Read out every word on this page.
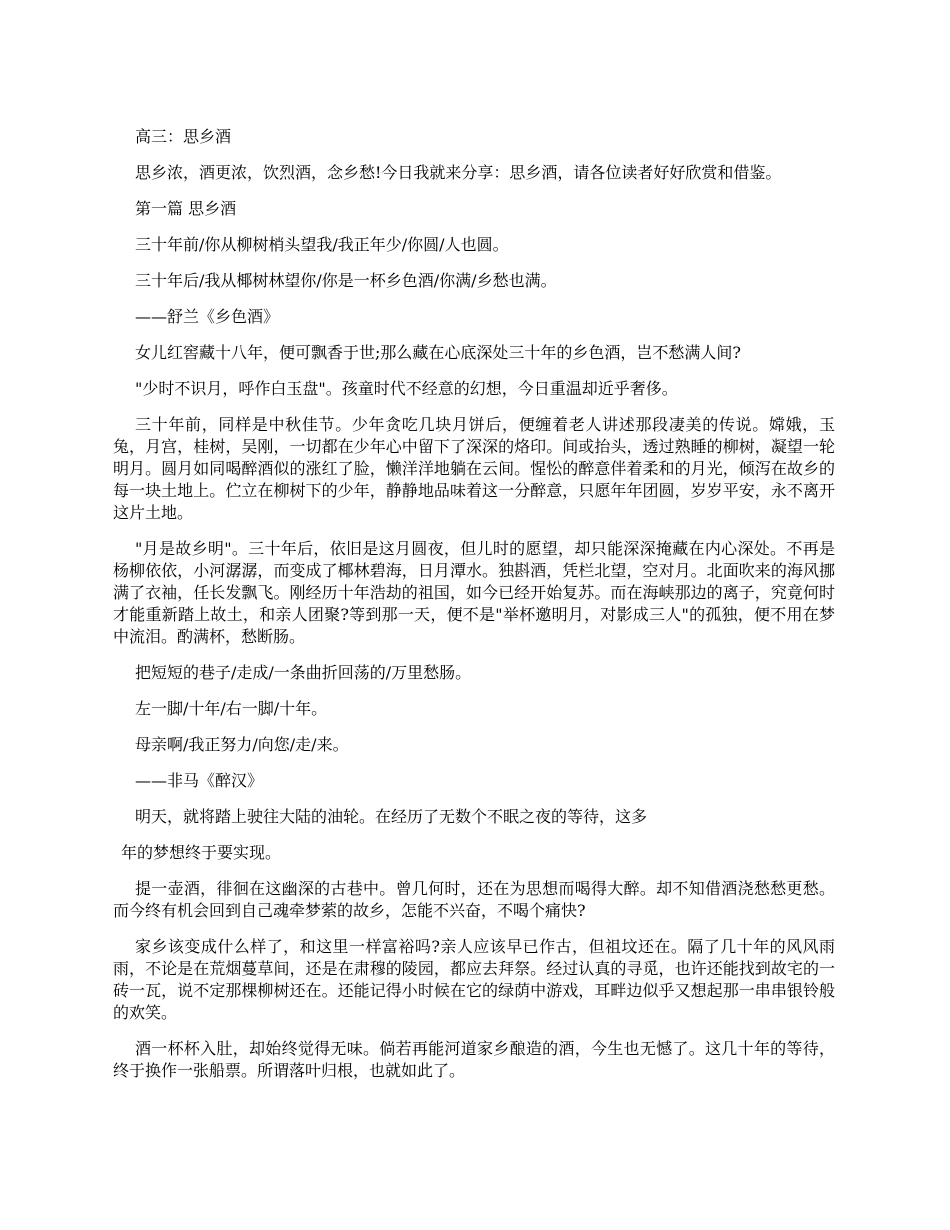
高三：思乡酒

思乡浓，酒更浓，饮烈酒，念乡愁!今日我就来分享：思乡酒，请各位读者好好欣赏和借鉴。

第一篇 思乡酒

三十年前/你从柳树梢头望我/我正年少/你圆/人也圆。

三十年后/我从椰树林望你/你是一杯乡色酒/你满/乡愁也满。

——舒兰《乡色酒》

女儿红窖藏十八年，便可飘香于世;那么藏在心底深处三十年的乡色酒，岂不愁满人间?

"少时不识月，呼作白玉盘"。孩童时代不经意的幻想，今日重温却近乎奢侈。

三十年前，同样是中秋佳节。少年贪吃几块月饼后，便缠着老人讲述那段凄美的传说。嫦娥，玉兔，月宫，桂树，吴刚，一切都在少年心中留下了深深的烙印。间或抬头，透过熟睡的柳树，凝望一轮明月。圆月如同喝醉酒似的涨红了脸，懒洋洋地躺在云间。惺忪的醉意伴着柔和的月光，倾泻在故乡的每一块土地上。伫立在柳树下的少年，静静地品味着这一分醉意，只愿年年团圆，岁岁平安，永不离开这片土地。

"月是故乡明"。三十年后，依旧是这月圆夜，但儿时的愿望，却只能深深掩藏在内心深处。不再是杨柳依依，小河潺潺，而变成了椰林碧海，日月潭水。独斟酒，凭栏北望，空对月。北面吹来的海风挪满了衣袖，任长发飘飞。刚经历十年浩劫的祖国，如今已经开始复苏。而在海峡那边的离子，究竟何时才能重新踏上故土，和亲人团聚?等到那一天，便不是"举杯邀明月，对影成三人"的孤独，便不用在梦中流泪。酌满杯，愁断肠。

把短短的巷子/走成/一条曲折回荡的/万里愁肠。

左一脚/十年/右一脚/十年。

母亲啊/我正努力/向您/走/来。

——非马《醉汉》

明天，就将踏上驶往大陆的油轮。在经历了无数个不眠之夜的等待，这多

年的梦想终于要实现。

提一壶酒，徘徊在这幽深的古巷中。曾几何时，还在为思想而喝得大醉。却不知借酒浇愁愁更愁。而今终有机会回到自己魂牵梦萦的故乡，怎能不兴奋，不喝个痛快?

家乡该变成什么样了，和这里一样富裕吗?亲人应该早已作古，但祖坟还在。隔了几十年的风风雨雨，不论是在荒烟蔓草间，还是在肃穆的陵园，都应去拜祭。经过认真的寻觅，也许还能找到故宅的一砖一瓦，说不定那棵柳树还在。还能记得小时候在它的绿荫中游戏，耳畔边似乎又想起那一串串银铃般的欢笑。

酒一杯杯入肚，却始终觉得无味。倘若再能河道家乡酿造的酒，今生也无憾了。这几十年的等待，终于换作一张船票。所谓落叶归根，也就如此了。
